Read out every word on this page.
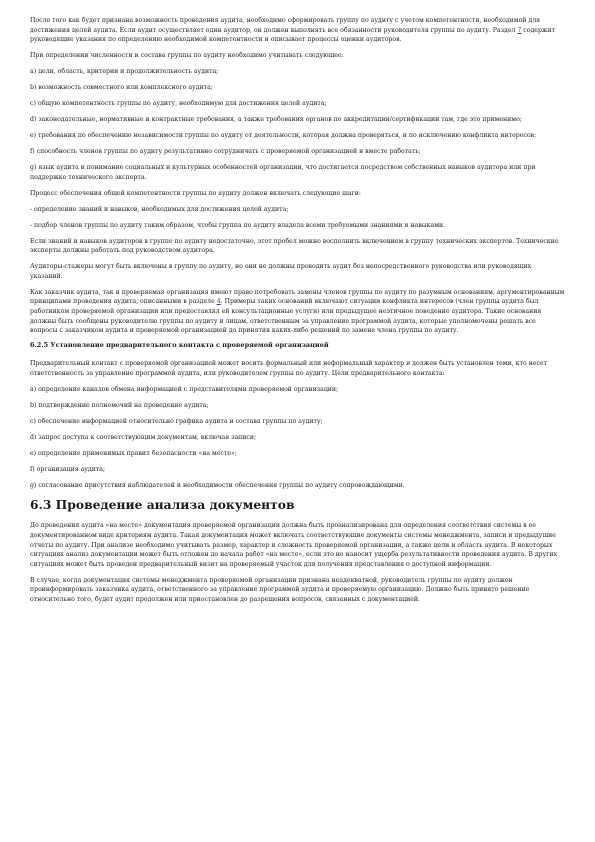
После того как будет признана возможность проведения аудита, необходимо сформировать группу по аудиту с учетом компетентности, необходимой для достижения целей аудита. Если аудит осуществляет один аудитор, он должен выполнять все обязанности руководителя группы по аудиту. Раздел 7 содержит руководящие указания по определению необходимой компетентности и описывает процессы оценки аудиторов.

При определении численности и состава группы по аудиту необходимо учитывать следующее:

a) цели, область, критерии и продолжительность аудита;

b) возможность совместного или комплексного аудита;

c) общую компетентность группы по аудиту, необходимую для достижения целей аудита;

d) законодательные, нормативные и контрактные требования, а также требования органов по аккредитации/сертификации там, где это применимо;

e) требования по обеспечению независимости группы по аудиту от деятельности, которая должна проверяться, и по исключению конфликта интересов;

f) способность членов группы по аудиту результативно сотрудничать с проверяемой организацией и вместе работать;

g) язык аудита и понимание социальных и культурных особенностей организации, что достигается посредством собственных навыков аудитора или при поддержке технического эксперта.

Процесс обеспечения общей компетентности группы по аудиту должен включать следующие шаги:

- определение знаний и навыков, необходимых для достижения целей аудита;

- подбор членов группы по аудиту таким образом, чтобы группа по аудиту владела всеми требуемыми знаниями и навыками.

Если знаний и навыков аудиторов в группе по аудиту недостаточно, этот пробел можно восполнить включением в группу технических экспертов. Технические эксперты должны работать под руководством аудитора.

Аудиторы-стажеры могут быть включены в группу по аудиту, но они не должны проводить аудит без непосредственного руководства или руководящих указаний.

Как заказчик аудита, так и проверяемая организация имеют право потребовать замены членов группы по аудиту по разумным основаниям, аргументированным принципами проведения аудита, описанными в разделе 4. Примеры таких оснований включают ситуации конфликта интересов (член группы аудита был работником проверяемой организации или предоставлял ей консультационные услуги) или предыдущее неэтичное поведение аудитора. Такие основания должны быть сообщены руководителю группы по аудиту и лицам, ответственным за управление программой аудита, которые уполномочены решать все вопросы с заказчиком аудита и проверяемой организацией до принятия каких-либо решений по замене члена группы по аудиту.

6.2.5 Установление предварительного контакта с проверяемой организацией

Предварительный контакт с проверяемой организацией может носить формальный или неформальный характер и должен быть установлен теми, кто несет ответственность за управление программой аудита, или руководителем группы по аудиту. Цели предварительного контакта:

a) определение каналов обмена информацией с представителями проверяемой организации;

b) подтверждение полномочий на проведение аудита;

c) обеспечение информацией относительно графика аудита и состава группы по аудиту;

d) запрос доступа к соответствующим документам, включая записи;

e) определение применимых правил безопасности «на месте»;

f) организация аудита;

g) согласование присутствия наблюдателей и необходимости обеспечения группы по аудиту сопровождающими.

6.3 Проведение анализа документов

До проведения аудита «на месте» документация проверяемой организации должна быть проанализирована для определения соответствия системы в ее документированном виде критериям аудита. Такая документация может включать соответствующие документы системы менеджмента, записи и предыдущие отчеты по аудиту. При анализе необходимо учитывать размер, характер и сложность проверяемой организации, а также цели и область аудита. В некоторых ситуациях анализ документации может быть отложен до начала работ «на месте», если это не наносит ущерба результативности проведения аудита. В других ситуациях может быть проведен предварительный визит на проверяемый участок для получения представления о доступной информации.

В случае, когда документация системы менеджмента проверяемой организации признана неадекватной, руководитель группы по аудиту должен проинформировать заказчика аудита, ответственного за управление программой аудита и проверяемую организацию. Должно быть принято решение относительно того, будет аудит продолжен или приостановлен до разрешения вопросов, связанных с документацией.
